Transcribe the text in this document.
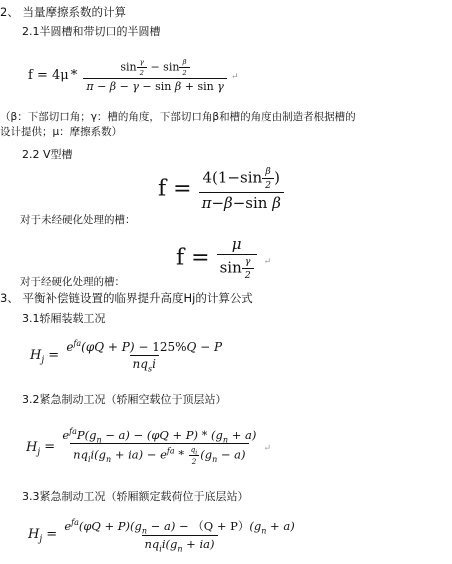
2、 当量摩擦系数的计算
2.1半圆槽和带切口的半圆槽
$f = 4\mu * \frac{\sin \frac{\gamma}{2} - \sin \frac{\beta}{2}}{\text{π − β − γ − sin β + sin γ}}$ ↵
（β：下部切口角；γ：槽的角度，下部切口角β和槽的角度由制造者根据槽的
设计提供；μ：摩擦系数）
2.2 V型槽
$f = \frac{4(1-\sin \frac{\beta}{2} )}{\text{π−β−sin β}}$
对于未经硬化处理的槽：
$f = \frac{\mu}{\sin \frac{\gamma}{2}}$ ↵
对于经硬化处理的槽：
3、 平衡补偿链设置的临界提升高度Hj的计算公式
3.1轿厢装载工况
$H_j = \frac{e^{fa}(\varphi Q + P) - 125\%Q - P}{nq_si}$
3.2紧急制动工况（轿厢空载位于顶层站）
$H_j = \frac{e^{fa}P(g_n - a) - (\varphi Q + P) * (g_n + a)}{nq_ii(g_n + ia) - e^{fa} * \frac{q_i}{2} (g_n - a)}$ ↵
3.3紧急制动工况（轿厢额定载荷位于底层站）
$H_j = \frac{e^{fa}(\varphi Q + P)(g_n - a) - (Q + P)(g_n + a)}{nq_ii(g_n + ia)}$
